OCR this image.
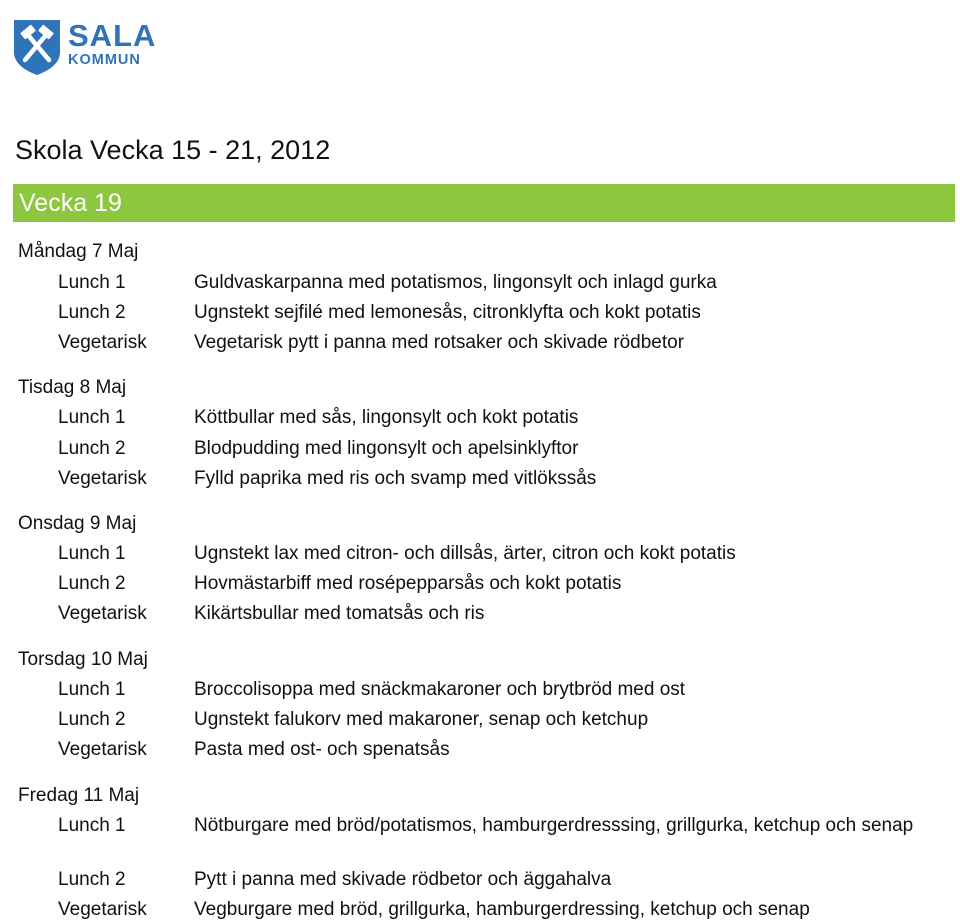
SALA
KOMMUN
Skola Vecka 15 - 21, 2012
Vecka 19
Måndag 7 Maj
Lunch 1	Guldvaskarpanna med potatismos, lingonsylt och inlagd gurka
Lunch 2	Ugnstekt sejfilé med lemonesås, citronklyfta och kokt potatis
Vegetarisk	Vegetarisk pytt i panna med rotsaker och skivade rödbetor
Tisdag 8 Maj
Lunch 1	Köttbullar med sås, lingonsylt och kokt potatis
Lunch 2	Blodpudding med lingonsylt och apelsinklyftor
Vegetarisk	Fylld paprika med ris och svamp med vitlökssås
Onsdag 9 Maj
Lunch 1	Ugnstekt lax med citron- och dillsås, ärter, citron och kokt potatis
Lunch 2	Hovmästarbiff med rosépepparsås och kokt potatis
Vegetarisk	Kikärtsbullar med tomatsås och ris
Torsdag 10 Maj
Lunch 1	Broccolisoppa med snäckmakaroner och brytbröd med ost
Lunch 2	Ugnstekt falukorv med makaroner, senap och ketchup
Vegetarisk	Pasta med ost- och spenatsås
Fredag 11 Maj
Lunch 1	Nötburgare med bröd/potatismos, hamburgerdresssing, grillgurka, ketchup och senap
Lunch 2	Pytt i panna med skivade rödbetor och äggahalva
Vegetarisk	Vegburgare med bröd, grillgurka, hamburgerdressing, ketchup och senap
